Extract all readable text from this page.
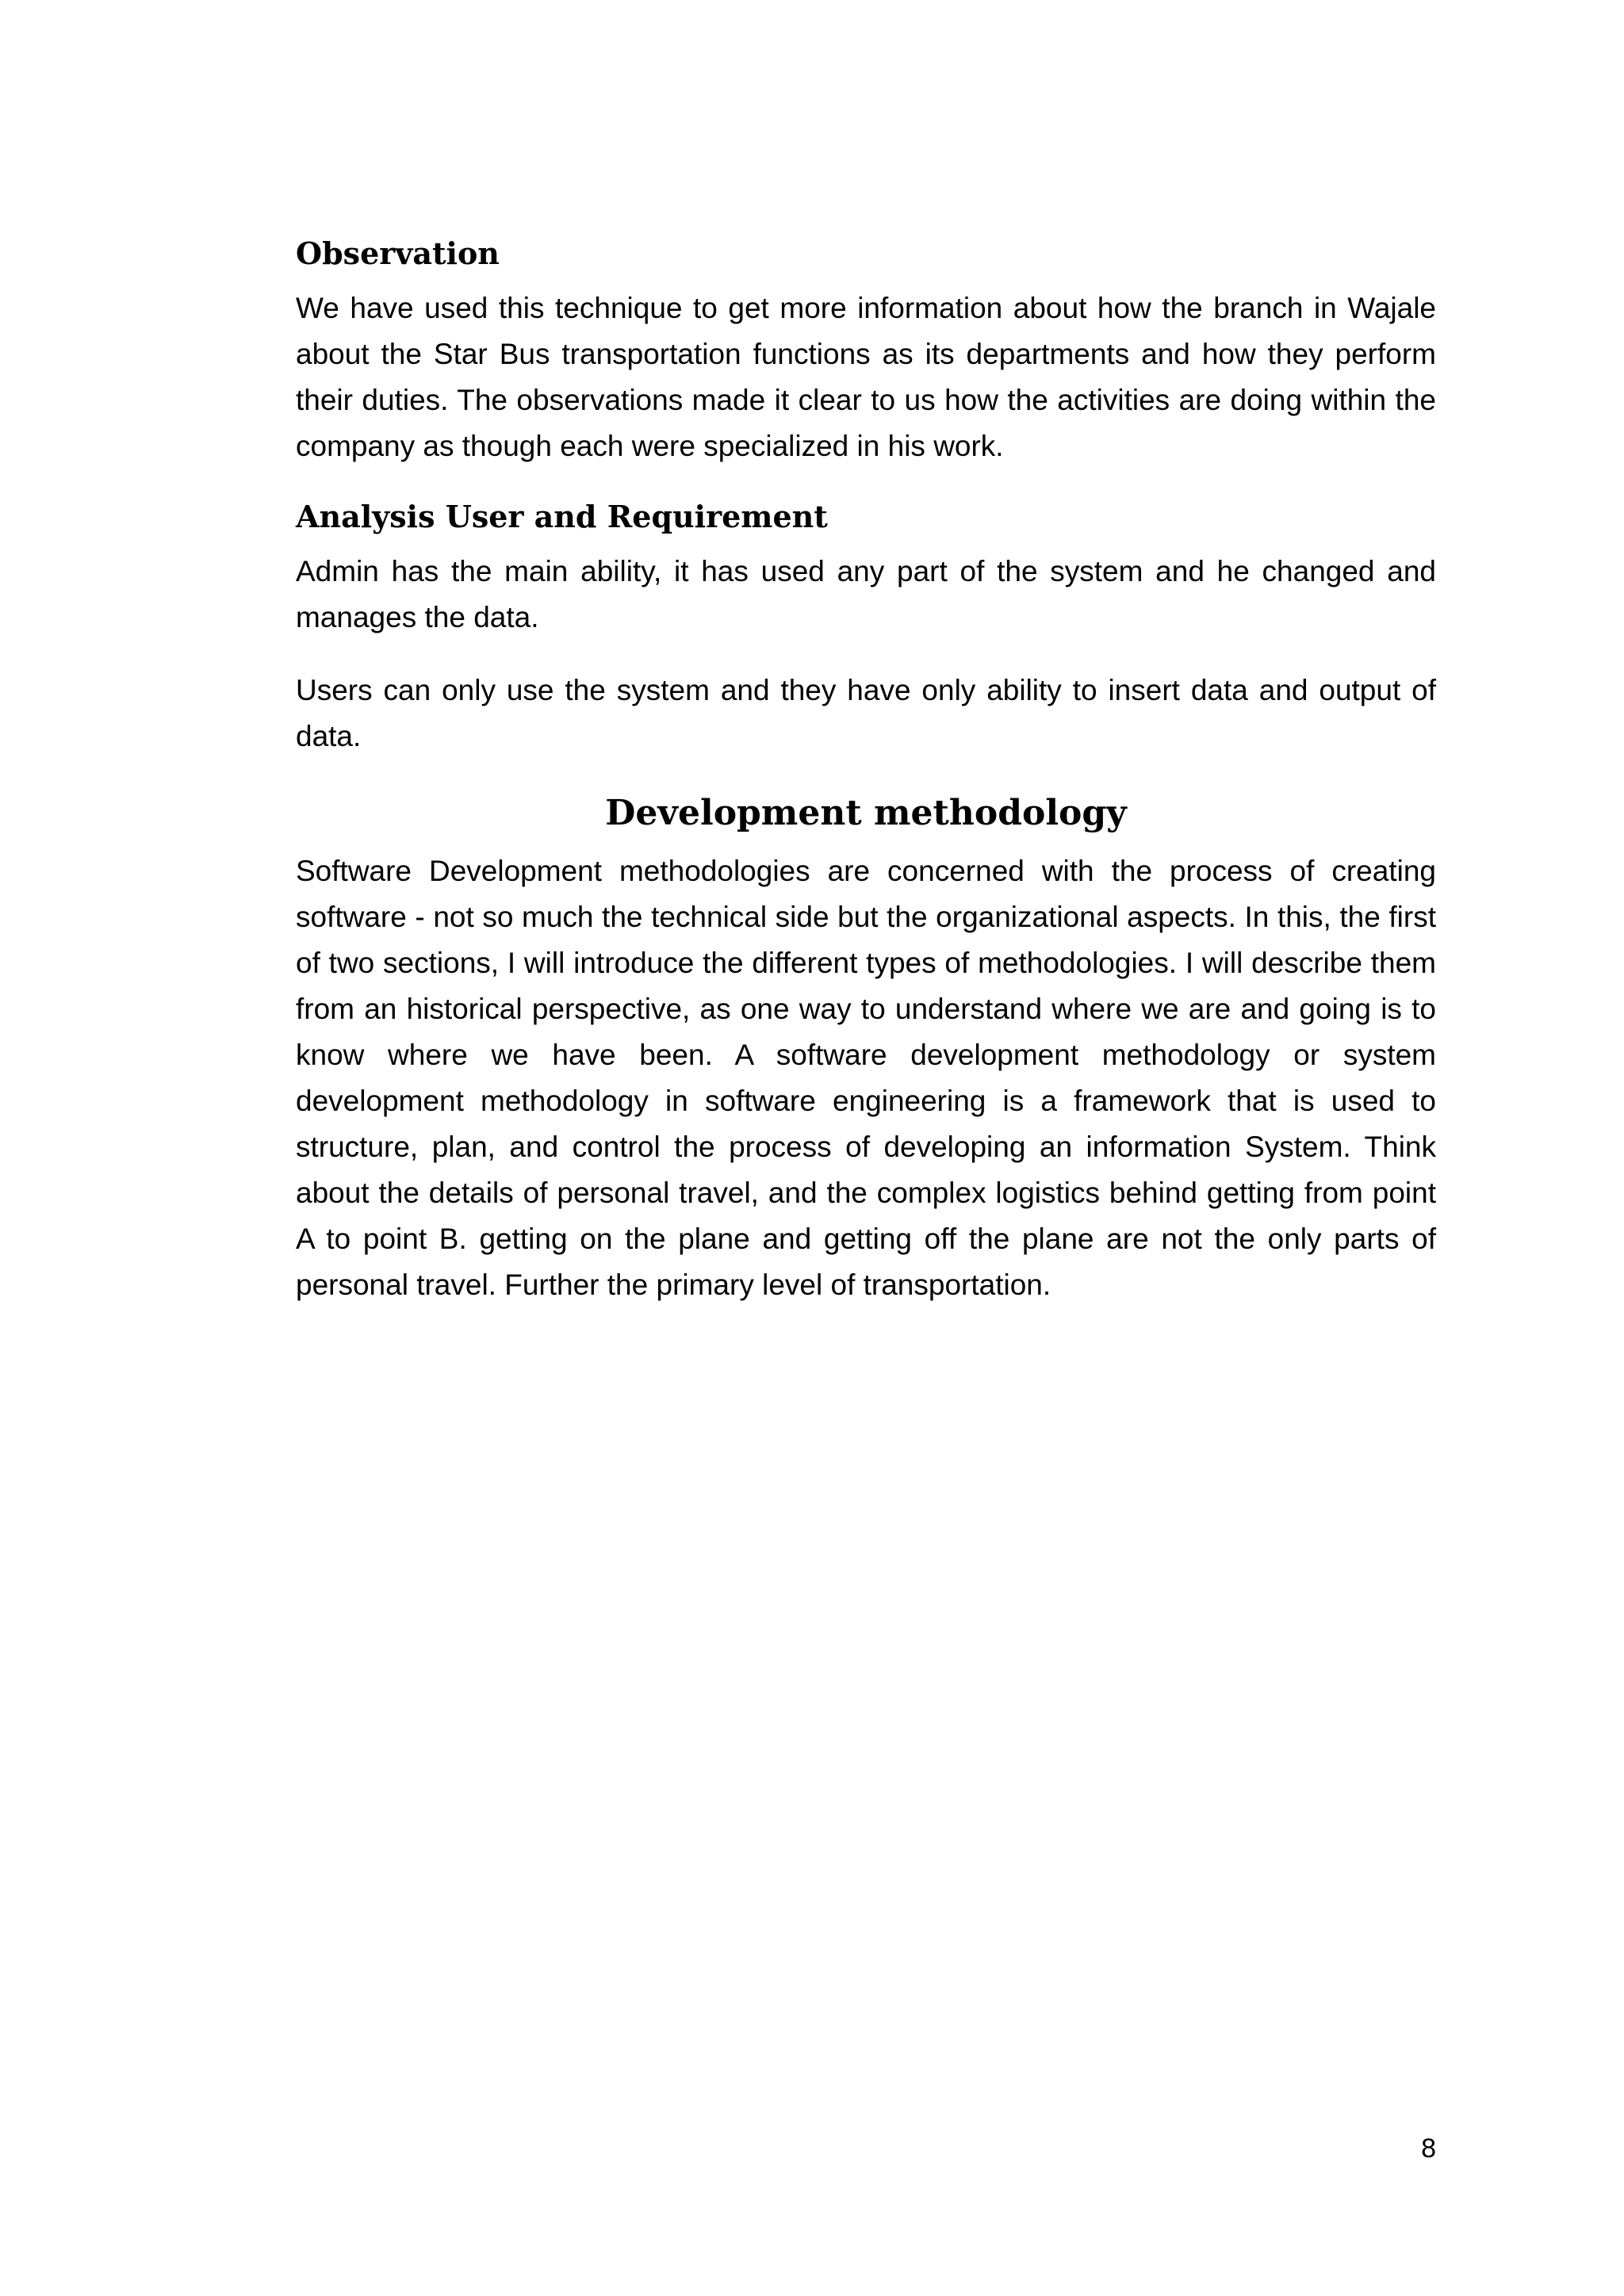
Observation

We have used this technique to get more information about how the branch in Wajale about the Star Bus transportation functions as its departments and how they perform their duties. The observations made it clear to us how the activities are doing within the company as though each were specialized in his work.

Analysis User and Requirement

Admin has the main ability, it has used any part of the system and he changed and manages the data.

Users can only use the system and they have only ability to insert data and output of data.

Development methodology

Software Development methodologies are concerned with the process of creating software - not so much the technical side but the organizational aspects. In this, the first of two sections, I will introduce the different types of methodologies. I will describe them from an historical perspective, as one way to understand where we are and going is to know where we have been. A software development methodology or system development methodology in software engineering is a framework that is used to structure, plan, and control the process of developing an information System. Think about the details of personal travel, and the complex logistics behind getting from point A to point B. getting on the plane and getting off the plane are not the only parts of personal travel. Further the primary level of transportation.

8
